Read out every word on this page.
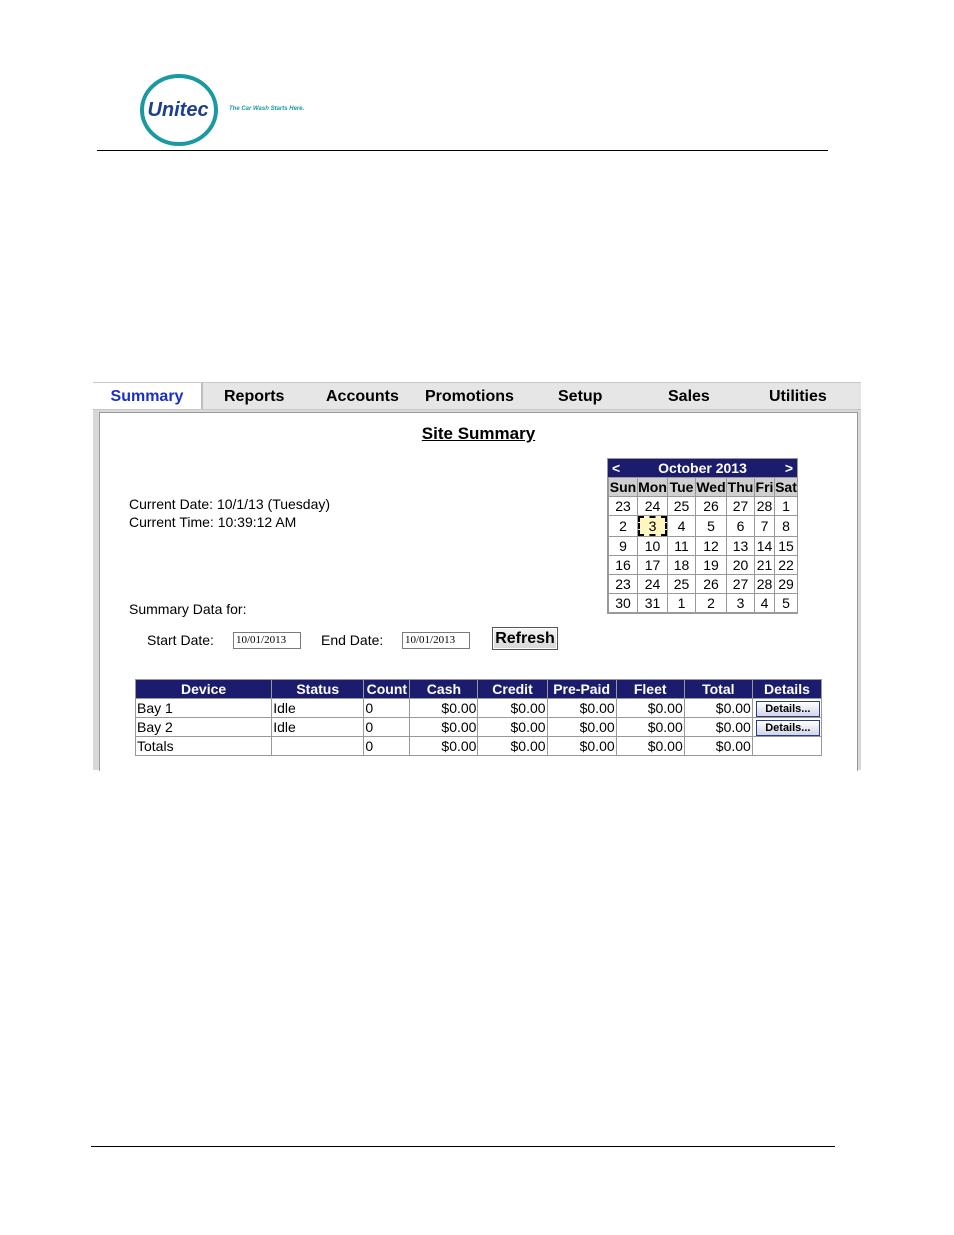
Unitec	The Car Wash Starts Here.
Summary	Reports	Accounts Promotions	Setup	Sales	Utilities
Site Summary
Current Date: 10/1/13 (Tuesday)
Current Time: 10:39:12 AM
Summary Data for:
Start Date: 10/01/2013	End Date: 10/01/2013	Refresh
<	October 2013	>
Sun	Mon	Tue	Wed	Thu	Fri	Sat
23	24	25	26	27	28	1
2	3	4	5	6	7	8
9	10	11	12	13	14	15
16	17	18	19	20	21	22
23	24	25	26	27	28	29
30	31	1	2	3	4	5
Device	Status	Count	Cash	Credit	Pre-Paid	Fleet	Total	Details
Bay 1	Idle	0	$0.00	$0.00	$0.00	$0.00	$0.00	Details...
Bay 2	Idle	0	$0.00	$0.00	$0.00	$0.00	$0.00	Details...
Totals		0	$0.00	$0.00	$0.00	$0.00	$0.00	
